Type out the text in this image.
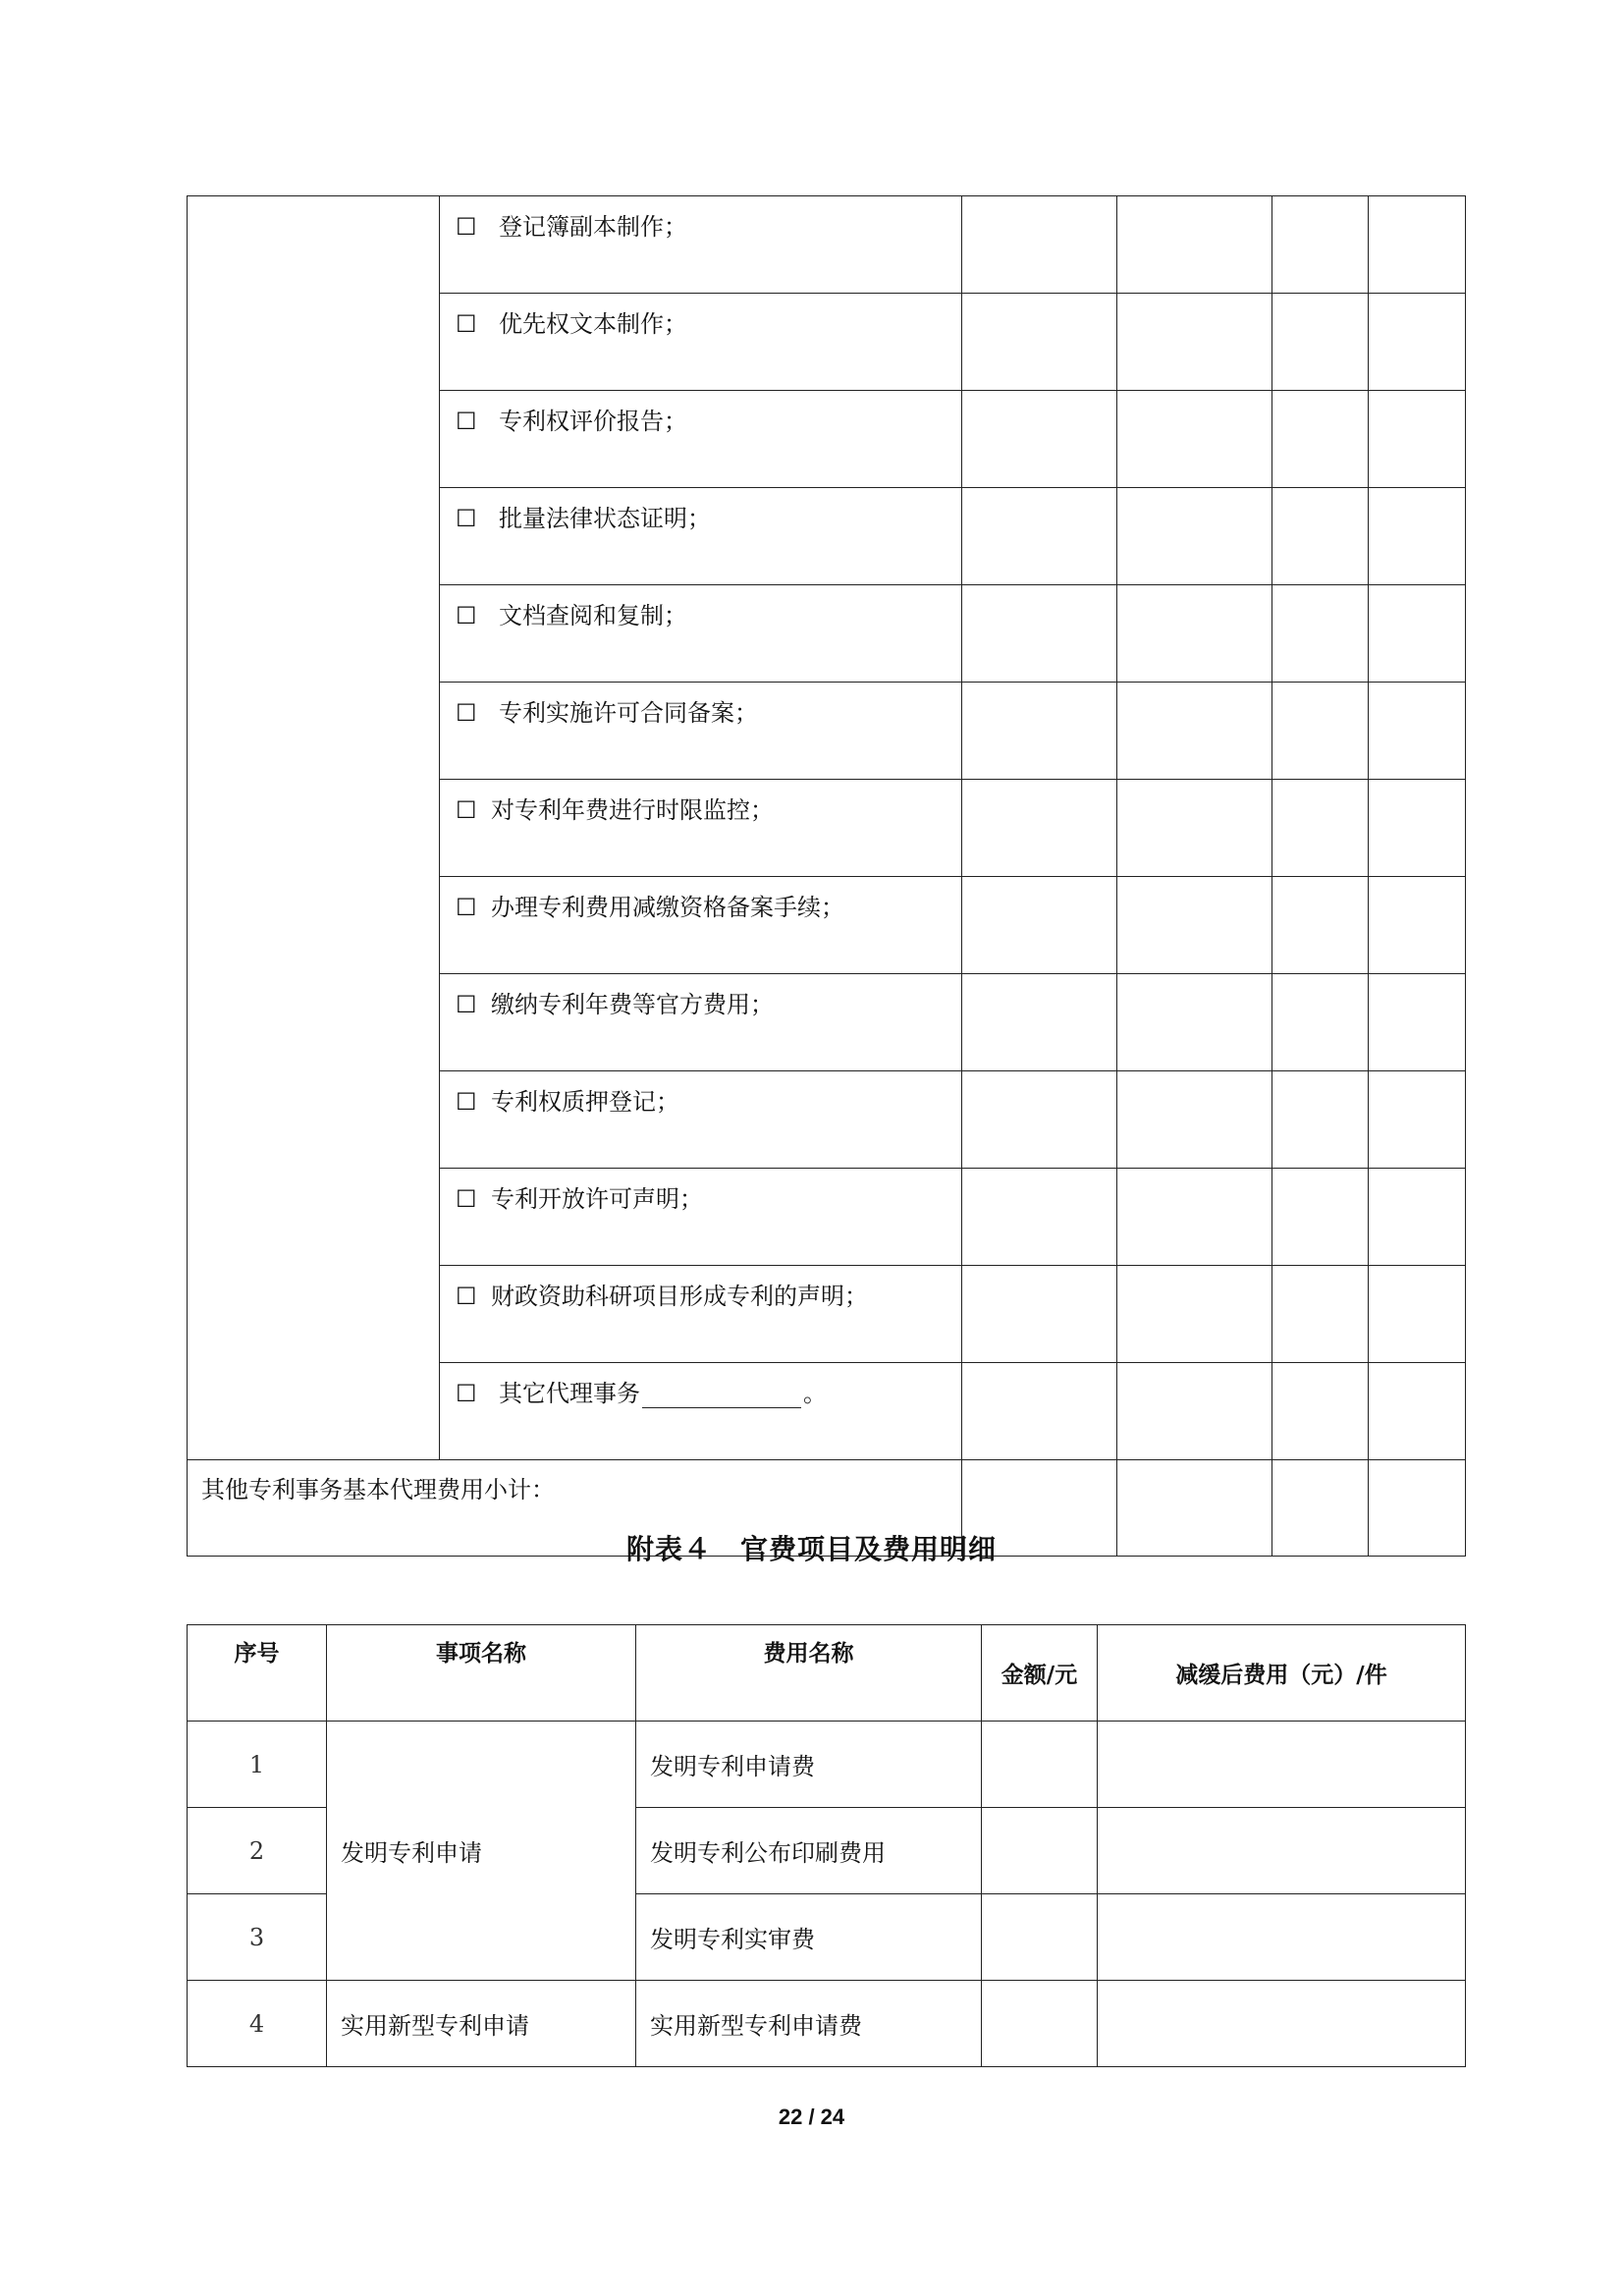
	☐ 登记簿副本制作；				
	☐ 优先权文本制作；				
	☐ 专利权评价报告；				
	☐ 批量法律状态证明；				
	☐ 文档查阅和复制；				
	☐ 专利实施许可合同备案；				
	☐ 对专利年费进行时限监控；				
	☐ 办理专利费用减缴资格备案手续；				
	☐ 缴纳专利年费等官方费用；				
	☐ 专利权质押登记；				
	☐ 专利开放许可声明；				
	☐ 财政资助科研项目形成专利的声明；				
	☐ 其它代理事务 。				
其他专利事务基本代理费用小计：					
附表４　官费项目及费用明细
序号	事项名称	费用名称	金额/元	减缓后费用（元）/件
1	发明专利申请	发明专利申请费		
2		发明专利公布印刷费用		
3		发明专利实审费		
4	实用新型专利申请	实用新型专利申请费		
22 / 24
